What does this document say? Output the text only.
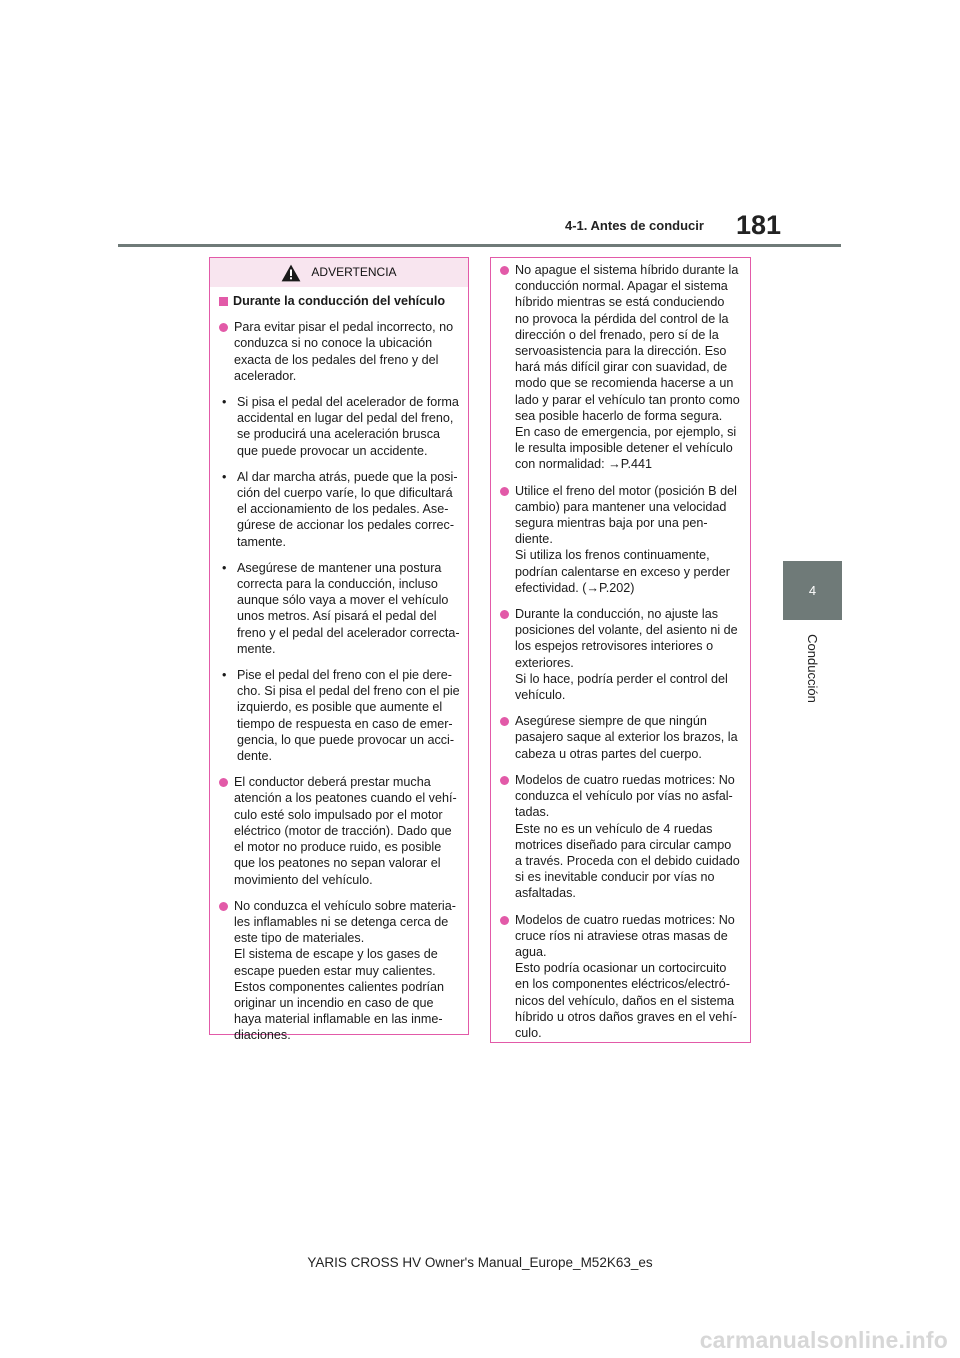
4-1. Antes de conducir 181
4
Conducción
ADVERTENCIA
Durante la conducción del vehículo
Para evitar pisar el pedal incorrecto, no
conduzca si no conoce la ubicación
exacta de los pedales del freno y del
acelerador.
• Si pisa el pedal del acelerador de forma
accidental en lugar del pedal del freno,
se producirá una aceleración brusca
que puede provocar un accidente.
• Al dar marcha atrás, puede que la posi-
ción del cuerpo varíe, lo que dificultará
el accionamiento de los pedales. Ase-
gúrese de accionar los pedales correc-
tamente.
• Asegúrese de mantener una postura
correcta para la conducción, incluso
aunque sólo vaya a mover el vehículo
unos metros. Así pisará el pedal del
freno y el pedal del acelerador correcta-
mente.
• Pise el pedal del freno con el pie dere-
cho. Si pisa el pedal del freno con el pie
izquierdo, es posible que aumente el
tiempo de respuesta en caso de emer-
gencia, lo que puede provocar un acci-
dente.
El conductor deberá prestar mucha
atención a los peatones cuando el vehí-
culo esté solo impulsado por el motor
eléctrico (motor de tracción). Dado que
el motor no produce ruido, es posible
que los peatones no sepan valorar el
movimiento del vehículo.
No conduzca el vehículo sobre materia-
les inflamables ni se detenga cerca de
este tipo de materiales.
El sistema de escape y los gases de
escape pueden estar muy calientes.
Estos componentes calientes podrían
originar un incendio en caso de que
haya material inflamable en las inme-
diaciones.
No apague el sistema híbrido durante la
conducción normal. Apagar el sistema
híbrido mientras se está conduciendo
no provoca la pérdida del control de la
dirección o del frenado, pero sí de la
servoasistencia para la dirección. Eso
hará más difícil girar con suavidad, de
modo que se recomienda hacerse a un
lado y parar el vehículo tan pronto como
sea posible hacerlo de forma segura.
En caso de emergencia, por ejemplo, si
le resulta imposible detener el vehículo
con normalidad: →P.441
Utilice el freno del motor (posición B del
cambio) para mantener una velocidad
segura mientras baja por una pen-
diente.
Si utiliza los frenos continuamente,
podrían calentarse en exceso y perder
efectividad. (→P.202)
Durante la conducción, no ajuste las
posiciones del volante, del asiento ni de
los espejos retrovisores interiores o
exteriores.
Si lo hace, podría perder el control del
vehículo.
Asegúrese siempre de que ningún
pasajero saque al exterior los brazos, la
cabeza u otras partes del cuerpo.
Modelos de cuatro ruedas motrices: No
conduzca el vehículo por vías no asfal-
tadas.
Este no es un vehículo de 4 ruedas
motrices diseñado para circular campo
a través. Proceda con el debido cuidado
si es inevitable conducir por vías no
asfaltadas.
Modelos de cuatro ruedas motrices: No
cruce ríos ni atraviese otras masas de
agua.
Esto podría ocasionar un cortocircuito
en los componentes eléctricos/electró-
nicos del vehículo, daños en el sistema
híbrido u otros daños graves en el vehí-
culo.
YARIS CROSS HV Owner's Manual_Europe_M52K63_es
carmanualsonline.info
